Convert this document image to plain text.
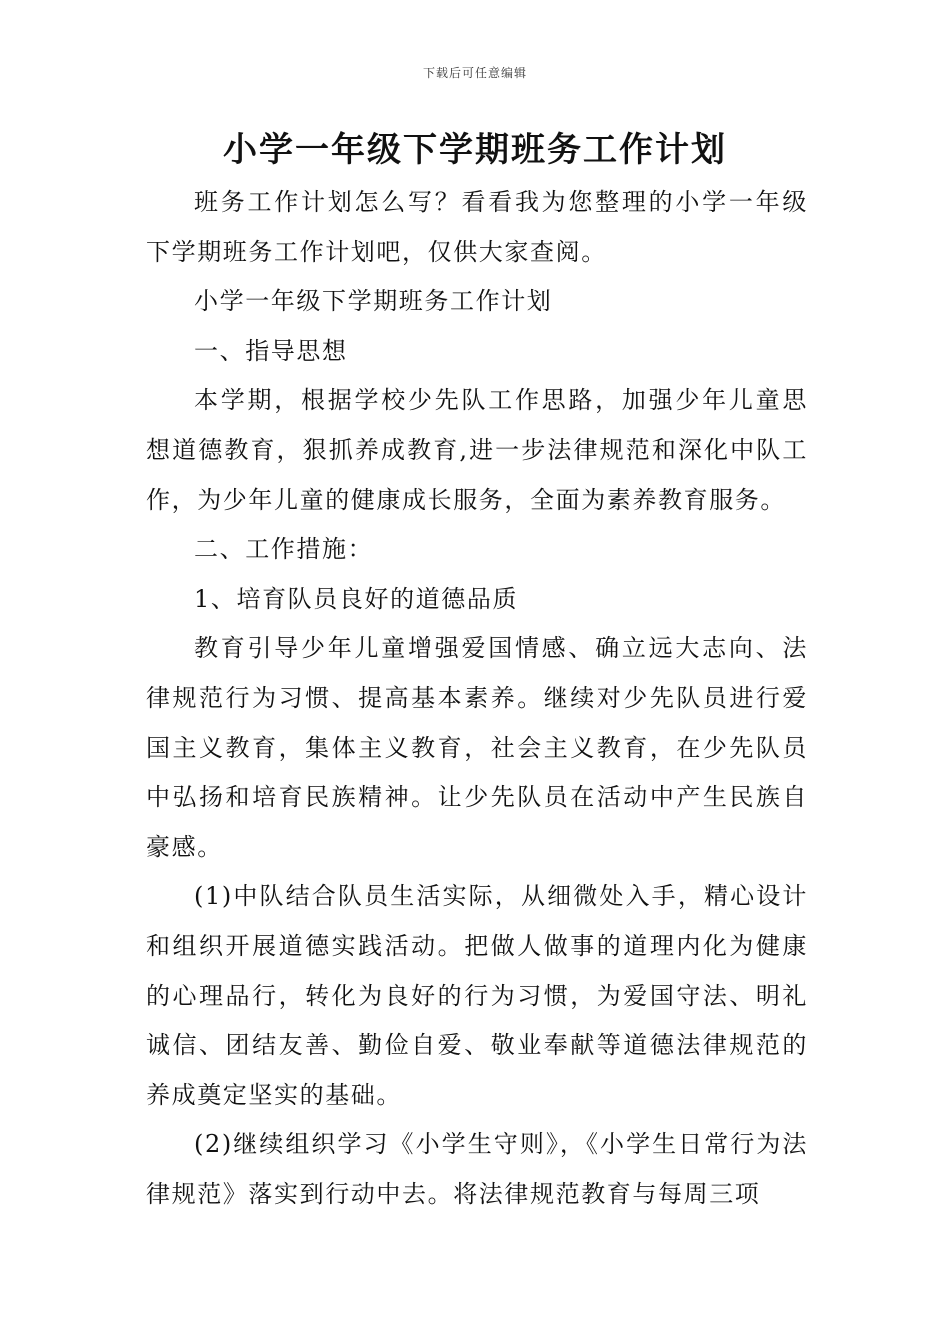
下载后可任意编辑
小学一年级下学期班务工作计划

班务工作计划怎么写？看看我为您整理的小学一年级下学期班务工作计划吧，仅供大家查阅。

小学一年级下学期班务工作计划

一、指导思想

本学期，根据学校少先队工作思路，加强少年儿童思想道德教育，狠抓养成教育,进一步法律规范和深化中队工作，为少年儿童的健康成长服务，全面为素养教育服务。

二、工作措施：

1、培育队员良好的道德品质

教育引导少年儿童增强爱国情感、确立远大志向、法律规范行为习惯、提高基本素养。继续对少先队员进行爱国主义教育，集体主义教育，社会主义教育，在少先队员中弘扬和培育民族精神。让少先队员在活动中产生民族自豪感。

(1)中队结合队员生活实际，从细微处入手，精心设计和组织开展道德实践活动。把做人做事的道理内化为健康的心理品行，转化为良好的行为习惯，为爱国守法、明礼诚信、团结友善、勤俭自爱、敬业奉献等道德法律规范的养成奠定坚实的基础。

(2)继续组织学习《小学生守则》，《小学生日常行为法律规范》落实到行动中去。将法律规范教育与每周三项
